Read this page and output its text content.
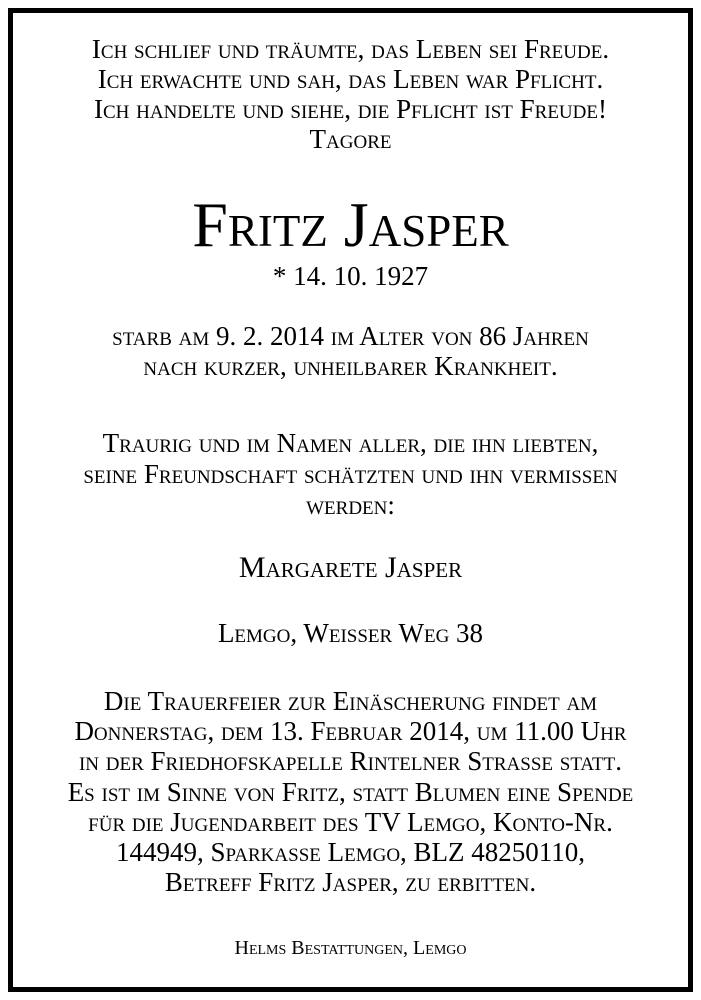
Ich schlief und träumte, das Leben sei Freude.
Ich erwachte und sah, das Leben war Pflicht.
Ich handelte und siehe, die Pflicht ist Freude!
Tagore
Fritz Jasper
* 14. 10. 1927
starb am 9. 2. 2014 im Alter von 86 Jahren
nach kurzer, unheilbarer Krankheit.
Traurig und im Namen aller, die ihn liebten,
seine Freundschaft schätzten und ihn vermissen
werden:
Margarete Jasper
Lemgo, Weisser Weg 38
Die Trauerfeier zur Einäscherung findet am
Donnerstag, dem 13. Februar 2014, um 11.00 Uhr
in der Friedhofskapelle Rintelner Strasse statt.
Es ist im Sinne von Fritz, statt Blumen eine Spende
für die Jugendarbeit des TV Lemgo, Konto-Nr.
144949, Sparkasse Lemgo, BLZ 48250110,
Betreff Fritz Jasper, zu erbitten.
Helms Bestattungen, Lemgo
